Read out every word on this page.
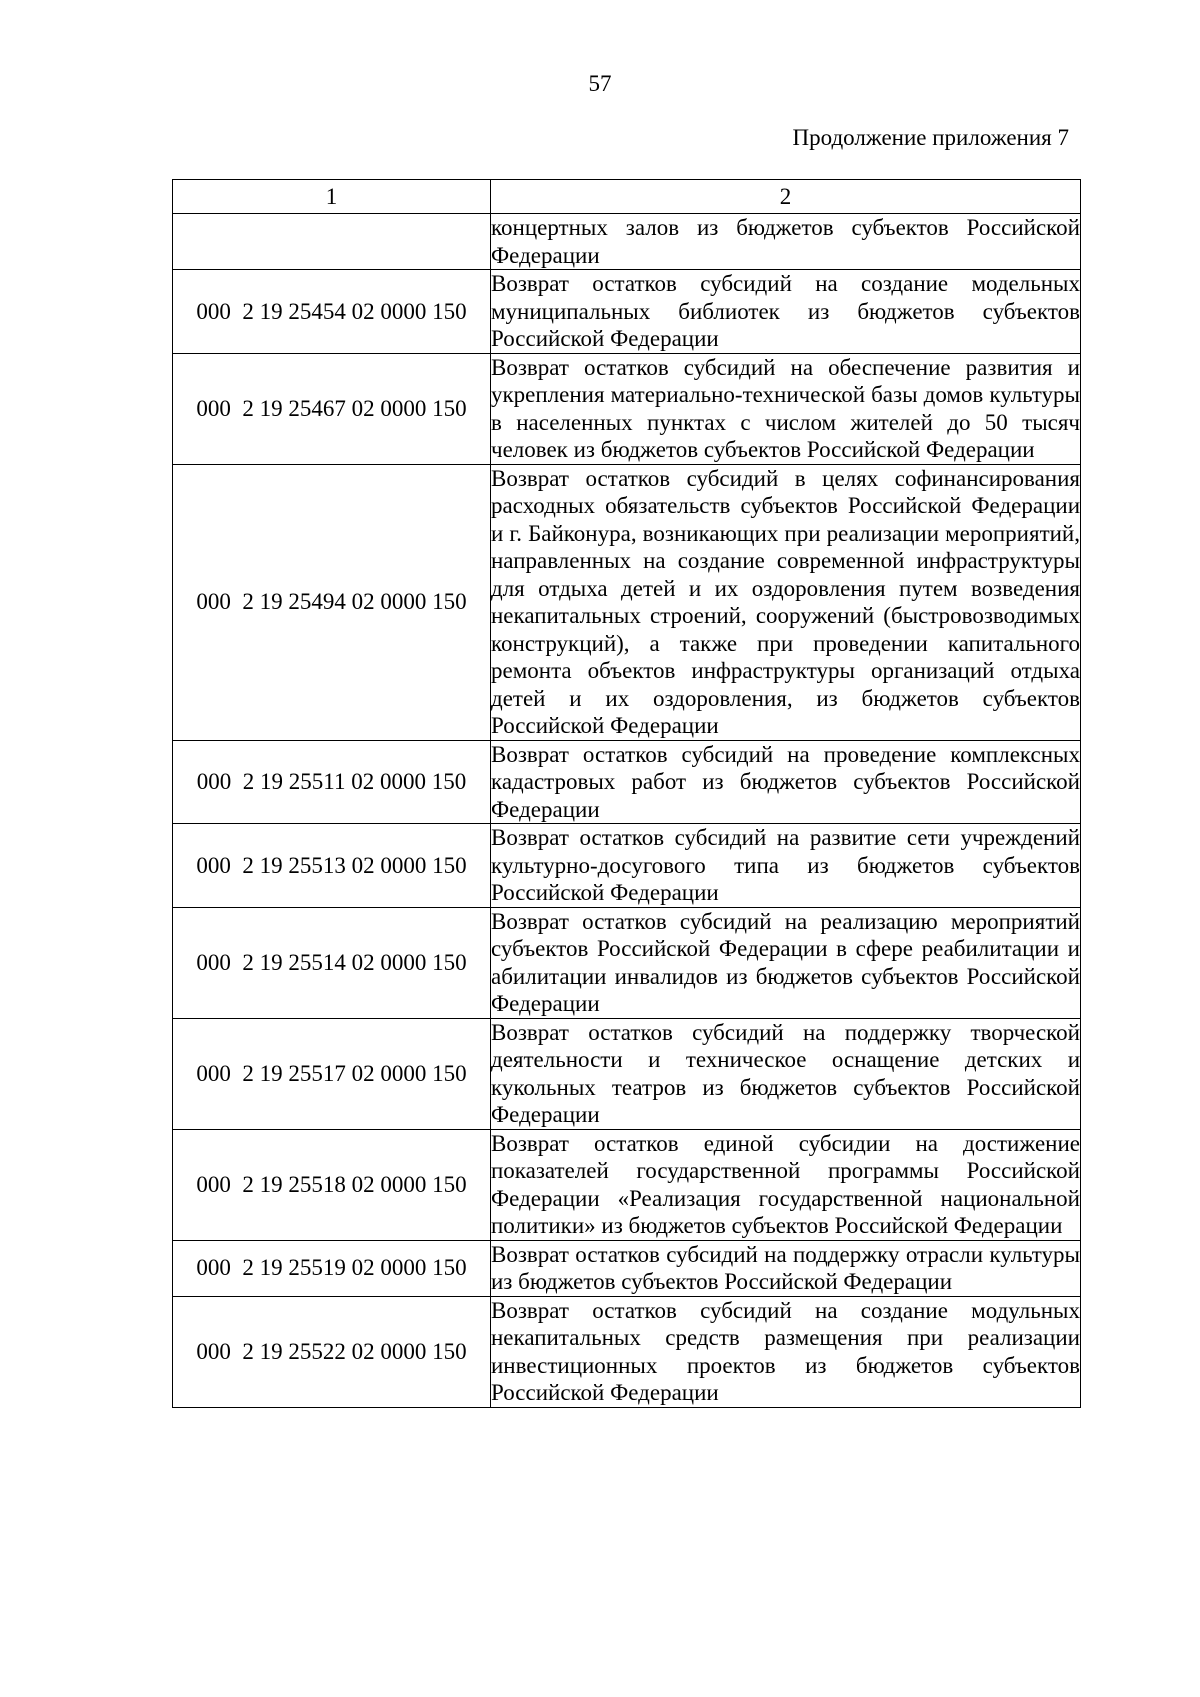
57
Продолжение приложения 7
1	2
	концертных залов из бюджетов субъектов Российской Федерации
000  2 19 25454 02 0000 150	Возврат остатков субсидий на создание модельных муниципальных библиотек из бюджетов субъектов Российской Федерации
000  2 19 25467 02 0000 150	Возврат остатков субсидий на обеспечение развития и укрепления материально-технической базы домов культуры в населенных пунктах с числом жителей до 50 тысяч человек из бюджетов субъектов Российской Федерации
000  2 19 25494 02 0000 150	Возврат остатков субсидий в целях софинансирования расходных обязательств субъектов Российской Федерации и г. Байконура, возникающих при реализации мероприятий, направленных на создание современной инфраструктуры для отдыха детей и их оздоровления путем возведения некапитальных строений, сооружений (быстровозводимых конструкций), а также при проведении капитального ремонта объектов инфраструктуры организаций отдыха детей и их оздоровления, из бюджетов субъектов Российской Федерации
000  2 19 25511 02 0000 150	Возврат остатков субсидий на проведение комплексных кадастровых работ из бюджетов субъектов Российской Федерации
000  2 19 25513 02 0000 150	Возврат остатков субсидий на развитие сети учреждений культурно-досугового типа из бюджетов субъектов Российской Федерации
000  2 19 25514 02 0000 150	Возврат остатков субсидий на реализацию мероприятий субъектов Российской Федерации в сфере реабилитации и абилитации инвалидов из бюджетов субъектов Российской Федерации
000  2 19 25517 02 0000 150	Возврат остатков субсидий на поддержку творческой деятельности и техническое оснащение детских и кукольных театров из бюджетов субъектов Российской Федерации
000  2 19 25518 02 0000 150	Возврат остатков единой субсидии на достижение показателей государственной программы Российской Федерации «Реализация государственной национальной политики» из бюджетов субъектов Российской Федерации
000  2 19 25519 02 0000 150	Возврат остатков субсидий на поддержку отрасли культуры из бюджетов субъектов Российской Федерации
000  2 19 25522 02 0000 150	Возврат остатков субсидий на создание модульных некапитальных средств размещения при реализации инвестиционных проектов из бюджетов субъектов Российской Федерации
